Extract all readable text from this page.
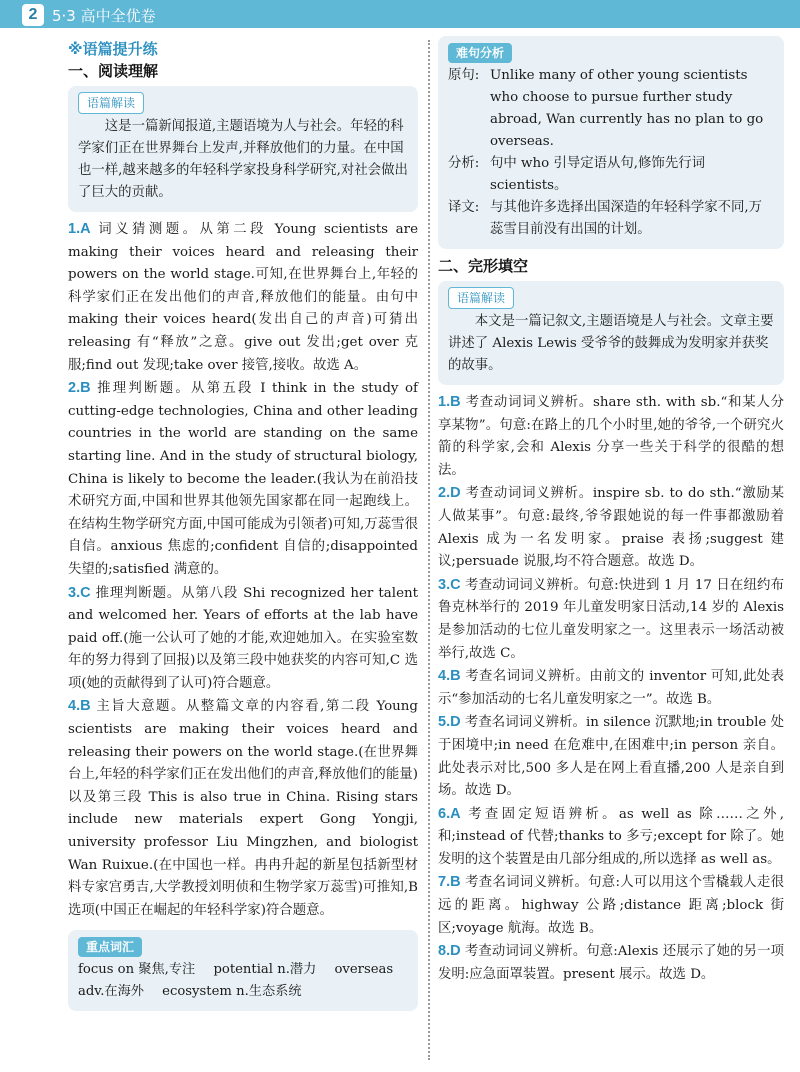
2 5·3 高中全优卷
※语篇提升练
一、阅读理解
语篇解读

这是一篇新闻报道,主题语境为人与社会。年轻的科学家们正在世界舞台上发声,并释放他们的力量。在中国也一样,越来越多的年轻科学家投身科学研究,对社会做出了巨大的贡献。

1.A 词义猜测题。从第二段 Young scientists are making their voices heard and releasing their powers on the world stage.可知,在世界舞台上,年轻的科学家们正在发出他们的声音,释放他们的能量。由句中 making their voices heard(发出自己的声音)可猜出 releasing 有“释放”之意。give out 发出;get over 克服;find out 发现;take over 接管,接收。故选 A。

2.B 推理判断题。从第五段 I think in the study of cutting-edge technologies, China and other leading countries in the world are standing on the same starting line. And in the study of structural biology, China is likely to become the leader.(我认为在前沿技术研究方面,中国和世界其他领先国家都在同一起跑线上。在结构生物学研究方面,中国可能成为引领者)可知,万蕊雪很自信。anxious 焦虑的;confident 自信的;disappointed 失望的;satisfied 满意的。

3.C 推理判断题。从第八段 Shi recognized her talent and welcomed her. Years of efforts at the lab have paid off.(施一公认可了她的才能,欢迎她加入。在实验室数年的努力得到了回报)以及第三段中她获奖的内容可知,C 选项(她的贡献得到了认可)符合题意。

4.B 主旨大意题。从整篇文章的内容看,第二段 Young scientists are making their voices heard and releasing their powers on the world stage.(在世界舞台上,年轻的科学家们正在发出他们的声音,释放他们的能量)以及第三段 This is also true in China. Rising stars include new materials expert Gong Yongji, university professor Liu Mingzhen, and biologist Wan Ruixue.(在中国也一样。冉冉升起的新星包括新型材料专家宫勇吉,大学教授刘明侦和生物学家万蕊雪)可推知,B 选项(中国正在崛起的年轻科学家)符合题意。

重点词汇
focus on 聚焦,专注 potential n.潜力 overseas adv.在海外 ecosystem n.生态系统
难句分析
原句: Unlike many of other young scientists who choose to pursue further study abroad, Wan currently has no plan to go overseas.
分析: 句中 who 引导定语从句,修饰先行词 scientists。
译文: 与其他许多选择出国深造的年轻科学家不同,万蕊雪目前没有出国的计划。
二、完形填空
语篇解读

本文是一篇记叙文,主题语境是人与社会。文章主要讲述了 Alexis Lewis 受爷爷的鼓舞成为发明家并获奖的故事。

1.B 考查动词词义辨析。share sth. with sb.“和某人分享某物”。句意:在路上的几个小时里,她的爷爷,一个研究火箭的科学家,会和 Alexis 分享一些关于科学的很酷的想法。

2.D 考查动词词义辨析。inspire sb. to do sth.“激励某人做某事”。句意:最终,爷爷跟她说的每一件事都激励着 Alexis 成为一名发明家。praise 表扬;suggest 建议;persuade 说服,均不符合题意。故选 D。

3.C 考查动词词义辨析。句意:快进到 1 月 17 日在纽约布鲁克林举行的 2019 年儿童发明家日活动,14 岁的 Alexis 是参加活动的七位儿童发明家之一。这里表示一场活动被举行,故选 C。

4.B 考查名词词义辨析。由前文的 inventor 可知,此处表示“参加活动的七名儿童发明家之一”。故选 B。

5.D 考查名词词义辨析。in silence 沉默地;in trouble 处于困境中;in need 在危难中,在困难中;in person 亲自。此处表示对比,500 多人是在网上看直播,200 人是亲自到场。故选 D。

6.A 考查固定短语辨析。as well as 除……之外,和;instead of 代替;thanks to 多亏;except for 除了。她发明的这个装置是由几部分组成的,所以选择 as well as。

7.B 考查名词词义辨析。句意:人可以用这个雪橇载人走很远的距离。highway 公路;distance 距离;block 街区;voyage 航海。故选 B。

8.D 考查动词词义辨析。句意:Alexis 还展示了她的另一项发明:应急面罩装置。present 展示。故选 D。
